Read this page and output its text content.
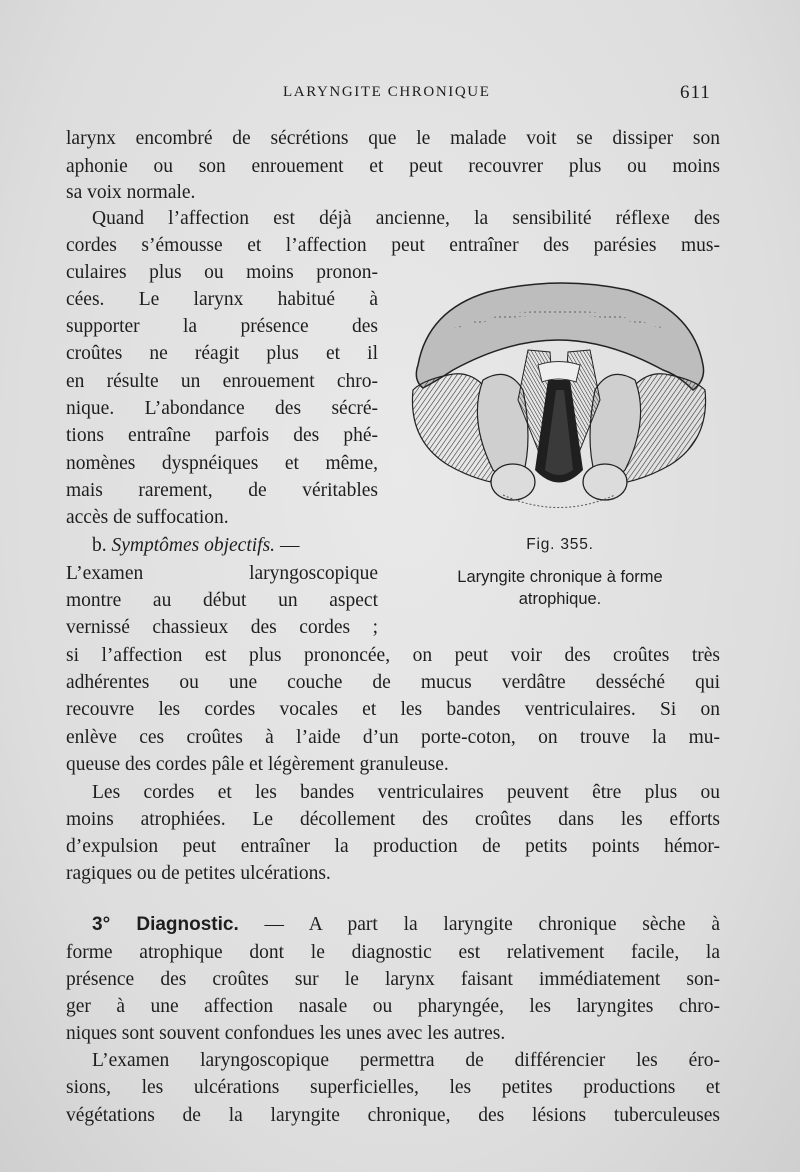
LARYNGITE CHRONIQUE	611
larynx encombré de sécrétions que le malade voit se dissiper son
aphonie ou son enrouement et peut recouvrer plus ou moins
sa voix normale.
Quand l’affection est déjà ancienne, la sensibilité réflexe des
cordes s’émousse et l’affection peut entraîner des parésies mus-
culaires plus ou moins pronon-
cées. Le larynx habitué à
supporter la présence des
croûtes ne réagit plus et il
en résulte un enrouement chro-
nique. L’abondance des sécré-
tions entraîne parfois des phé-
nomènes dyspnéiques et même,
mais rarement, de véritables
accès de suffocation.
b. Symptômes objectifs. —
L’examen laryngoscopique
montre au début un aspect
vernissé chassieux des cordes ;
si l’affection est plus prononcée, on peut voir des croûtes très
adhérentes ou une couche de mucus verdâtre desséché qui
recouvre les cordes vocales et les bandes ventriculaires. Si on
enlève ces croûtes à l’aide d’un porte-coton, on trouve la mu-
queuse des cordes pâle et légèrement granuleuse.
Les cordes et les bandes ventriculaires peuvent être plus ou
moins atrophiées. Le décollement des croûtes dans les efforts
d’expulsion peut entraîner la production de petits points hémor-
ragiques ou de petites ulcérations.
3° Diagnostic. — A part la laryngite chronique sèche à
forme atrophique dont le diagnostic est relativement facile, la
présence des croûtes sur le larynx faisant immédiatement son-
ger à une affection nasale ou pharyngée, les laryngites chro-
niques sont souvent confondues les unes avec les autres.
L’examen laryngoscopique permettra de différencier les éro-
sions, les ulcérations superficielles, les petites productions et
végétations de la laryngite chronique, des lésions tuberculeuses
Fig. 355.
Laryngite chronique à forme
atrophique.
